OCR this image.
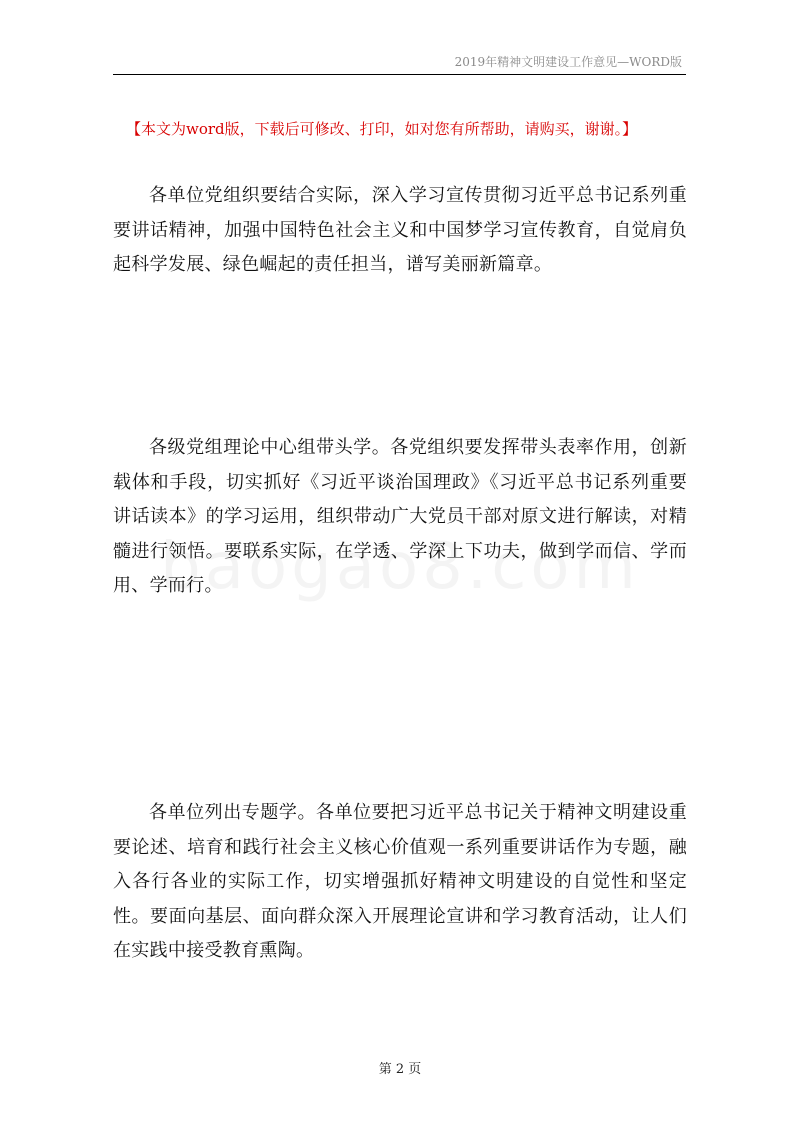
2019年精神文明建设工作意见—WORD版
【本文为word版，下载后可修改、打印，如对您有所帮助，请购买，谢谢。】

各单位党组织要结合实际，深入学习宣传贯彻习近平总书记系列重要讲话精神，加强中国特色社会主义和中国梦学习宣传教育，自觉肩负起科学发展、绿色崛起的责任担当，谱写美丽新篇章。

各级党组理论中心组带头学。各党组织要发挥带头表率作用，创新载体和手段，切实抓好《习近平谈治国理政》《习近平总书记系列重要讲话读本》的学习运用，组织带动广大党员干部对原文进行解读，对精髓进行领悟。要联系实际，在学透、学深上下功夫，做到学而信、学而用、学而行。

各单位列出专题学。各单位要把习近平总书记关于精神文明建设重要论述、培育和践行社会主义核心价值观一系列重要讲话作为专题，融入各行各业的实际工作，切实增强抓好精神文明建设的自觉性和坚定性。要面向基层、面向群众深入开展理论宣讲和学习教育活动，让人们在实践中接受教育熏陶。

第 2 页
